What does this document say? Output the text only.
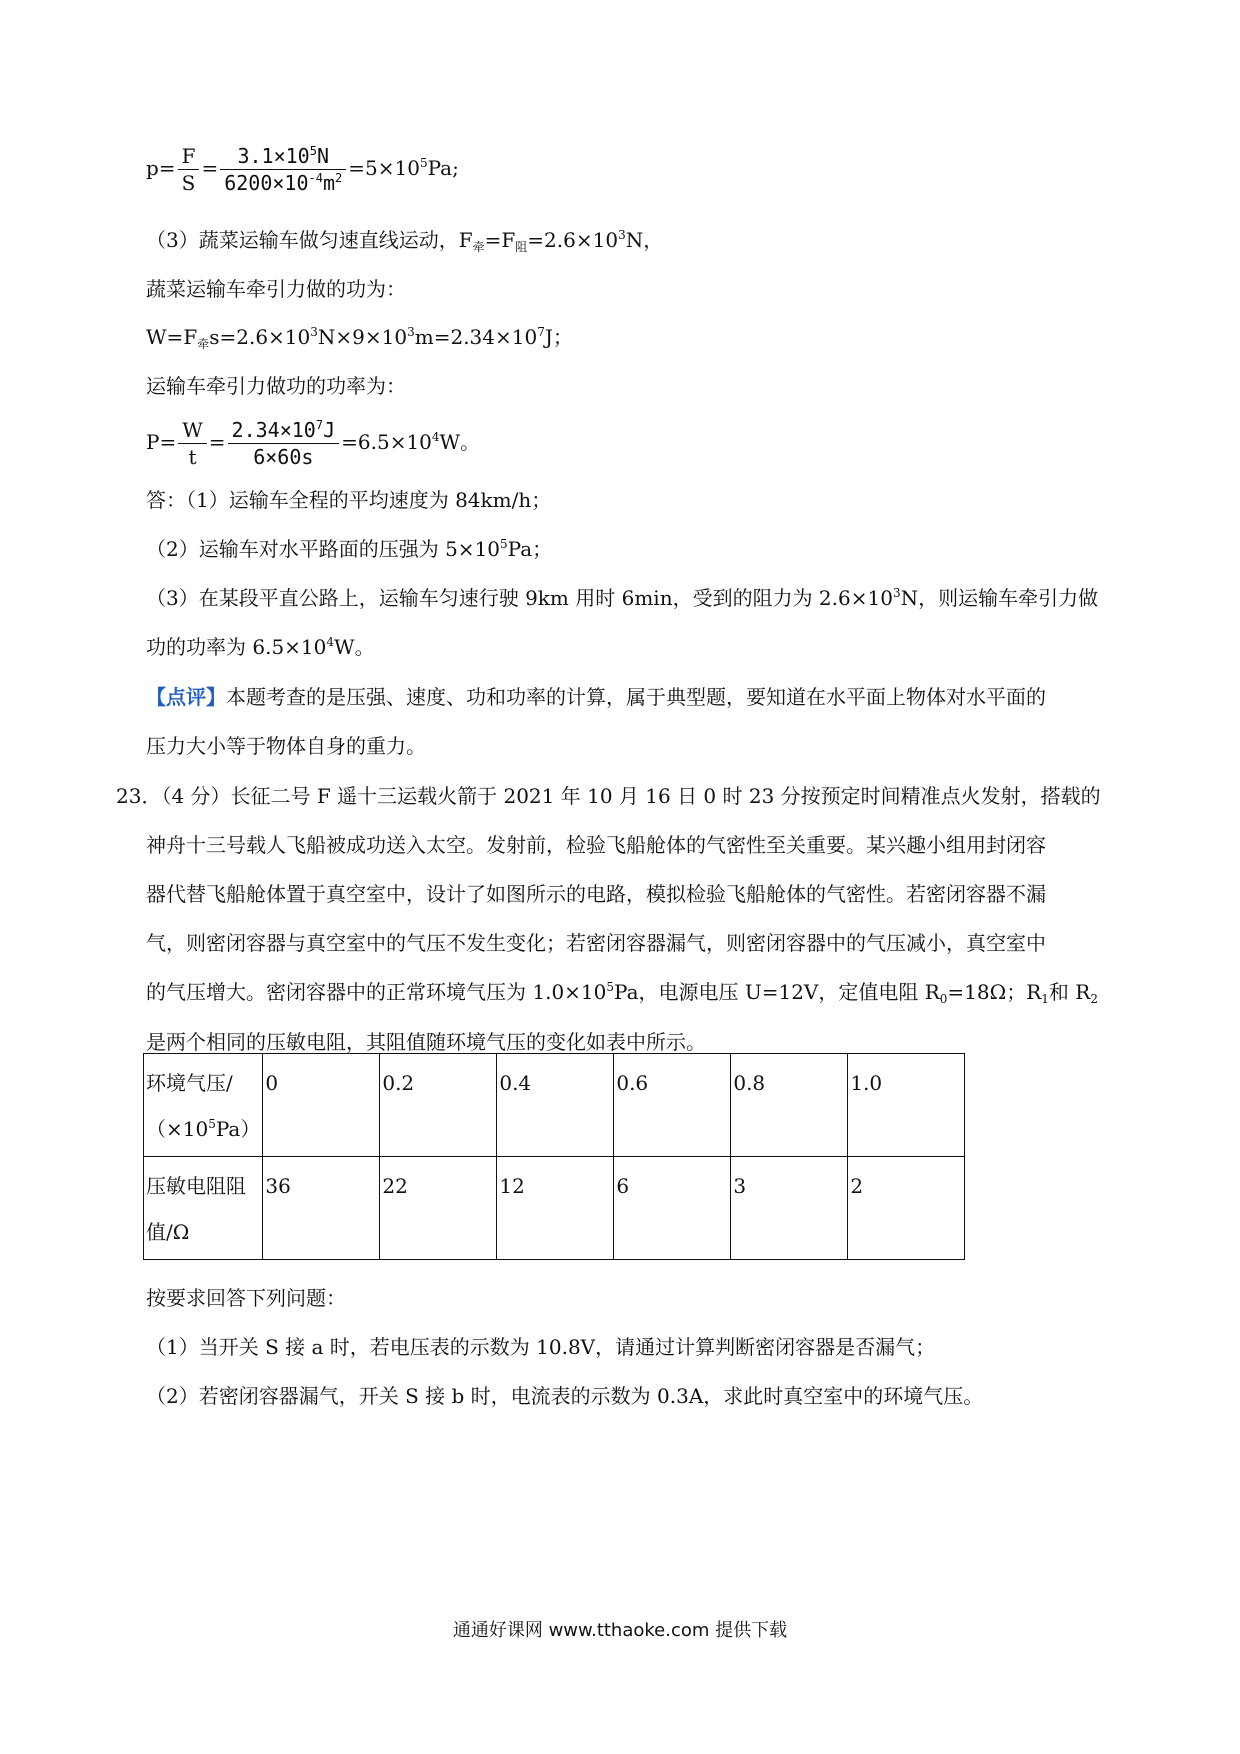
$p= \frac{F}{S} = \frac{3.1\times 10^5N}{6200\times 10^{-4}m^2} =5\times 10^5Pa$;
（3）蔬菜运输车做匀速直线运动，$F_牵=F_阻=2.6\times 10^3N$，
蔬菜运输车牵引力做的功为：
$W=F_牵s=2.6\times 10^3N\times 9\times 10^3m=2.34\times 10^7J$；
运输车牵引力做功的功率为：
$P= \frac{W}{t} = \frac{2.34\times 10^7J}{6\times 60s} =6.5\times 10^4W$。
答：（1）运输车全程的平均速度为 84km/h；
（2）运输车对水平路面的压强为 $5\times 10^5Pa$；
（3）在某段平直公路上，运输车匀速行驶 9km 用时 6min，受到的阻力为 $2.6\times 10^3N$，则运输车牵引力做
功的功率为 $6.5\times 10^4W$。
【点评】本题考查的是压强、速度、功和功率的计算，属于典型题，要知道在水平面上物体对水平面的
压力大小等于物体自身的重力。
23．（4 分）长征二号 F 遥十三运载火箭于 2021 年 10 月 16 日 0 时 23 分按预定时间精准点火发射，搭载的
神舟十三号载人飞船被成功送入太空。发射前，检验飞船舱体的气密性至关重要。某兴趣小组用封闭容
器代替飞船舱体置于真空室中，设计了如图所示的电路，模拟检验飞船舱体的气密性。若密闭容器不漏
气，则密闭容器与真空室中的气压不发生变化；若密闭容器漏气，则密闭容器中的气压减小，真空室中
的气压增大。密闭容器中的正常环境气压为 $1.0\times 10^5Pa$，电源电压 U=12V，定值电阻 $R_0=18\Omega$；$R_1$和 $R_2$
是两个相同的压敏电阻，其阻值随环境气压的变化如表中所示。
环境气压/
$(\times 10^5Pa)$	0	0.2	0.4	0.6	0.8	1.0
压敏电阻阻
值/Ω	36	22	12	6	3	2
按要求回答下列问题：
（1）当开关 S 接 a 时，若电压表的示数为 10.8V，请通过计算判断密闭容器是否漏气；
（2）若密闭容器漏气，开关 S 接 b 时，电流表的示数为 0.3A，求此时真空室中的环境气压。
通通好课网 www.tthaoke.com 提供下载
